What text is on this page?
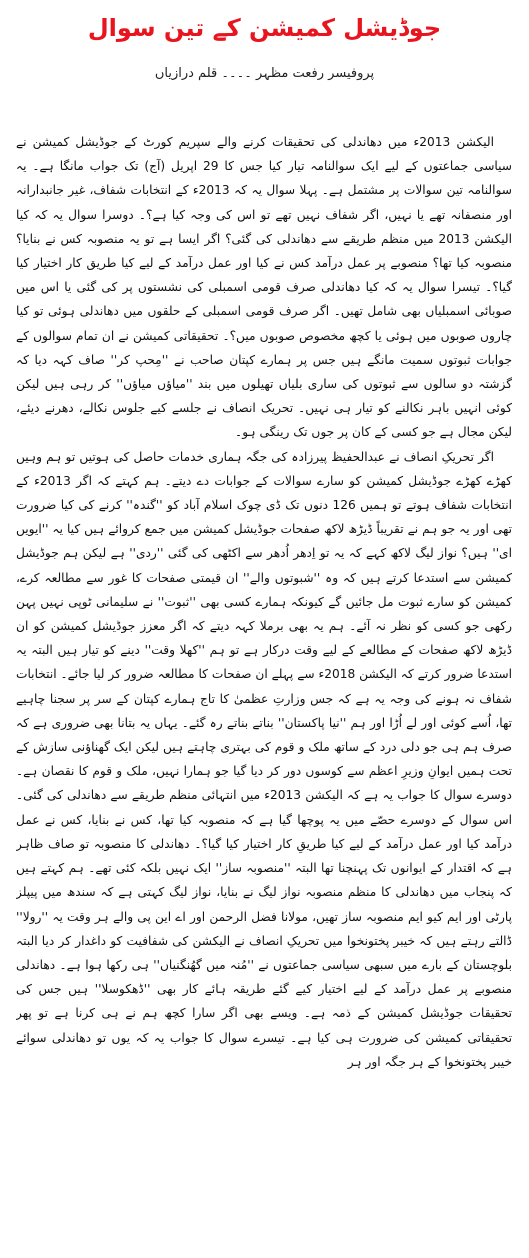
جوڈیشل کمیشن کے تین سوال
پروفیسر رفعت مظہر ۔۔۔۔ قلم درازیاں

الیکشن 2013ء میں دھاندلی کی تحقیقات کرنے والے سپریم کورٹ کے جوڈیشل کمیشن نے سیاسی جماعتوں کے لیے ایک سوالنامہ تیار کیا جس کا 29 اپریل (آج) تک جواب مانگا ہے۔ یہ سوالنامہ تین سوالات پر مشتمل ہے۔ پہلا سوال یہ کہ 2013ء کے انتخابات شفاف، غیر جانبدارانہ اور منصفانہ تھے یا نہیں، اگر شفاف نہیں تھے تو اس کی وجہ کیا ہے؟۔ دوسرا سوال یہ کہ کیا الیکشن 2013 میں منظم طریقے سے دھاندلی کی گئی؟ اگر ایسا ہے تو یہ منصوبہ کس نے بنایا؟ منصوبہ کیا تھا؟ منصوبے پر عمل درآمد کس نے کیا اور عمل درآمد کے لیے کیا طریق کار اختیار کیا گیا؟۔ تیسرا سوال یہ کہ کیا دھاندلی صرف قومی اسمبلی کی نشستوں پر کی گئی یا اس میں صوبائی اسمبلیاں بھی شامل تھیں۔ اگر صرف قومی اسمبلی کے حلقوں میں دھاندلی ہوئی تو کیا چاروں صوبوں میں ہوئی یا کچھ مخصوص صوبوں میں؟۔ تحقیقاتی کمیشن نے ان تمام سوالوں کے جوابات ثبوتوں سمیت مانگے ہیں جس پر ہمارے کپتان صاحب نے ''مِحپ کر'' صاف کہہ دیا کہ گزشتہ دو سالوں سے ثبوتوں کی ساری بلیاں تھیلوں میں بند ''میاؤں میاؤں'' کر رہی ہیں لیکن کوئی انہیں باہر نکالنے کو تیار ہی نہیں۔ تحریک انصاف نے جلسے کیے جلوس نکالے، دھرنے دیئے، لیکن مجال ہے جو کسی کے کان پر جوں تک رینگی ہو۔

اگر تحریکِ انصاف نے عبدالحفیظ پیرزادہ کی جگہ ہماری خدمات حاصل کی ہوتیں تو ہم وہیں کھڑے کھڑے جوڈیشل کمیشن کو سارے سوالات کے جوابات دے دیتے۔ ہم کہتے کہ اگر 2013ء کے انتخابات شفاف ہوتے تو ہمیں 126 دنوں تک ڈی چوک اسلام آباد کو ''گندہ'' کرنے کی کیا ضرورت تھی اور یہ جو ہم نے تقریباً ڈیڑھ لاکھ صفحات جوڈیشل کمیشن میں جمع کروائے ہیں کیا یہ ''ایویں ای'' ہیں؟ نواز لیگ لاکھ کہے کہ یہ تو اِدھر اُدھر سے اکٹھی کی گئی ''ردی'' ہے لیکن ہم جوڈیشل کمیشن سے استدعا کرتے ہیں کہ وہ ''شبوتوں والے'' ان قیمتی صفحات کا غور سے مطالعہ کرے، کمیشن کو سارے ثبوت مل جائیں گے کیونکہ ہمارے کسی بھی ''ثبوت'' نے سلیمانی ٹوپی نہیں پہن رکھی جو کسی کو نظر نہ آئے۔ ہم یہ بھی برملا کہہ دیتے کہ اگر معزز جوڈیشل کمیشن کو ان ڈیڑھ لاکھ صفحات کے مطالعے کے لیے وقت درکار ہے تو ہم ''کھلا وقت'' دینے کو تیار ہیں البتہ یہ استدعا ضرور کرتے کہ الیکشن 2018ء سے پہلے ان صفحات کا مطالعہ ضرور کر لیا جائے۔ انتخابات شفاف نہ ہونے کی وجہ یہ ہے کہ جس وزارتِ عظمیٰ کا تاج ہمارے کپتان کے سر پر سجنا چاہیے تھا، اُسے کوئی اور لے اُڑا اور ہم ''نیا پاکستان'' بناتے بناتے رہ گئے۔ یہاں یہ بتانا بھی ضروری ہے کہ صرف ہم ہی جو دلی درد کے ساتھ ملک و قوم کی بہتری چاہتے ہیں لیکن ایک گھناؤنی سازش کے تحت ہمیں ایوانِ وزیرِ اعظم سے کوسوں دور کر دیا گیا جو ہمارا نہیں، ملک و قوم کا نقصان ہے۔ دوسرے سوال کا جواب یہ ہے کہ الیکشن 2013ء میں انتہائی منظم طریقے سے دھاندلی کی گئی۔ اس سوال کے دوسرے حصّے میں یہ پوچھا گیا ہے کہ منصوبہ کیا تھا، کس نے بنایا، کس نے عمل درآمد کیا اور عمل درآمد کے لیے کیا طریقِ کار اختیار کیا گیا؟۔ دھاندلی کا منصوبہ تو صاف ظاہر ہے کہ اقتدار کے ایوانوں تک پہنچنا تھا البتہ ''منصوبہ ساز'' ایک نہیں بلکہ کئی تھے۔ ہم کہتے ہیں کہ پنجاب میں دھاندلی کا منظم منصوبہ نواز لیگ نے بنایا، نواز لیگ کہتی ہے کہ سندھ میں پیپلز پارٹی اور ایم کیو ایم منصوبہ ساز تھیں، مولانا فضل الرحمن اور اے این پی والے ہر وقت یہ ''رولا'' ڈالتے رہتے ہیں کہ خیبر پختونخوا میں تحریکِ انصاف نے الیکشن کی شفافیت کو داغدار کر دیا البتہ بلوچستان کے بارے میں سبھی سیاسی جماعتوں نے ''مُنہ میں گھُنگنیاں'' ہی رکھا ہوا ہے۔ دھاندلی منصوبے پر عمل درآمد کے لیے اختیار کیے گئے طریقہ ہائے کار بھی ''ڈھکوسلا'' ہیں جس کی تحقیقات جوڈیشل کمیشن کے ذمہ ہے۔ ویسے بھی اگر سارا کچھ ہم نے ہی کرنا ہے تو پھر تحقیقاتی کمیشن کی ضرورت ہی کیا ہے۔ تیسرے سوال کا جواب یہ کہ یوں تو دھاندلی سوائے خیبر پختونخوا کے ہر جگہ اور ہر
